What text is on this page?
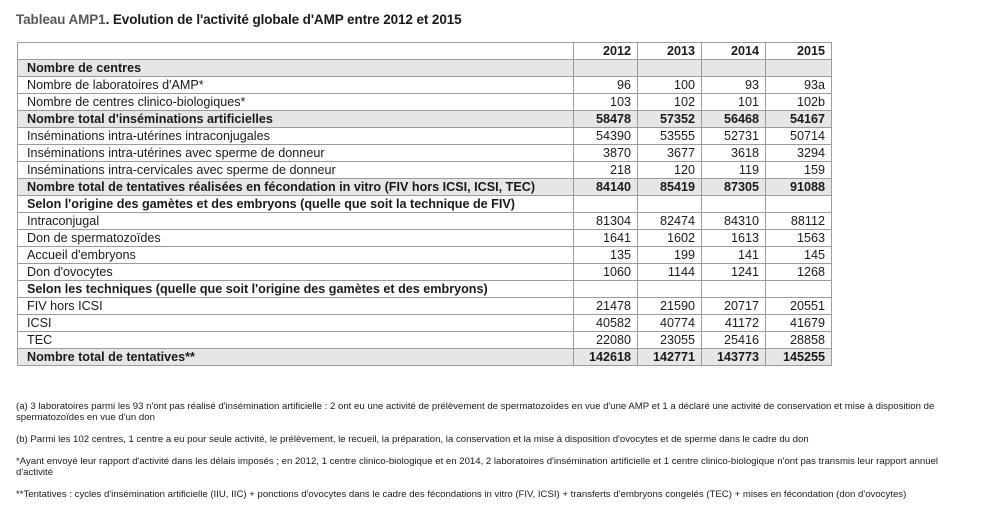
Tableau AMP1. Evolution de l'activité globale d'AMP entre 2012 et 2015
	2012	2013	2014	2015
Nombre de centres				
Nombre de laboratoires d'AMP*	96	100	93	93a
Nombre de centres clinico-biologiques*	103	102	101	102b
Nombre total d'inséminations artificielles	58478	57352	56468	54167
Inséminations intra-utérines intraconjugales	54390	53555	52731	50714
Inséminations intra-utérines avec sperme de donneur	3870	3677	3618	3294
Inséminations intra-cervicales avec sperme de donneur	218	120	119	159
Nombre total de tentatives réalisées en fécondation in vitro (FIV hors ICSI, ICSI, TEC)	84140	85419	87305	91088
Selon l'origine des gamètes et des embryons (quelle que soit la technique de FIV)				
Intraconjugal	81304	82474	84310	88112
Don de spermatozoïdes	1641	1602	1613	1563
Accueil d'embryons	135	199	141	145
Don d'ovocytes	1060	1144	1241	1268
Selon les techniques (quelle que soit l'origine des gamètes et des embryons)				
FIV hors ICSI	21478	21590	20717	20551
ICSI	40582	40774	41172	41679
TEC	22080	23055	25416	28858
Nombre total de tentatives**	142618	142771	143773	145255

(a) 3 laboratoires parmi les 93 n'ont pas réalisé d'insémination artificielle : 2 ont eu une activité de prélèvement de spermatozoïdes en vue d'une AMP et 1 a déclaré une activité de conservation et mise à disposition de spermatozoïdes en vue d'un don

(b) Parmi les 102 centres, 1 centre a eu pour seule activité, le prélèvement, le recueil, la préparation, la conservation et la mise à disposition d'ovocytes et de sperme dans le cadre du don

*Ayant envoyé leur rapport d'activité dans les délais imposés ; en 2012, 1 centre clinico-biologique et en 2014, 2 laboratoires d'insémination artificielle et 1 centre clinico-biologique n'ont pas transmis leur rapport annuel d'activité

**Tentatives : cycles d'insémination artificielle (IIU, IIC) + ponctions d'ovocytes dans le cadre des fécondations in vitro (FIV, ICSI) + transferts d'embryons congelés (TEC) + mises en fécondation (don d'ovocytes)
